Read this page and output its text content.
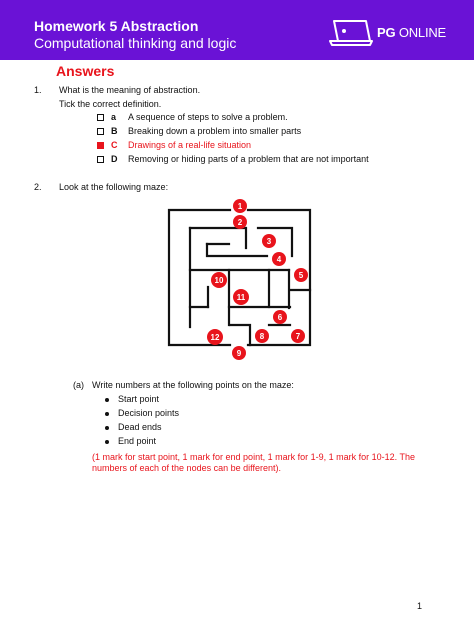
Homework 5 Abstraction
Computational thinking and logic
PG ONLINE
Answers
1. What is the meaning of abstraction.
Tick the correct definition.
a A sequence of steps to solve a problem.
B Breaking down a problem into smaller parts
C Drawings of a real-life situation
D Removing or hiding parts of a problem that are not important
2. Look at the following maze:
1
2
3
4
5
10
11
6
12	8	7
9
(a) Write numbers at the following points on the maze:
Start point
Decision points
Dead ends
End point
(1 mark for start point, 1 mark for end point, 1 mark for 1-9, 1 mark for 10-12. The
numbers of each of the nodes can be different).
1
